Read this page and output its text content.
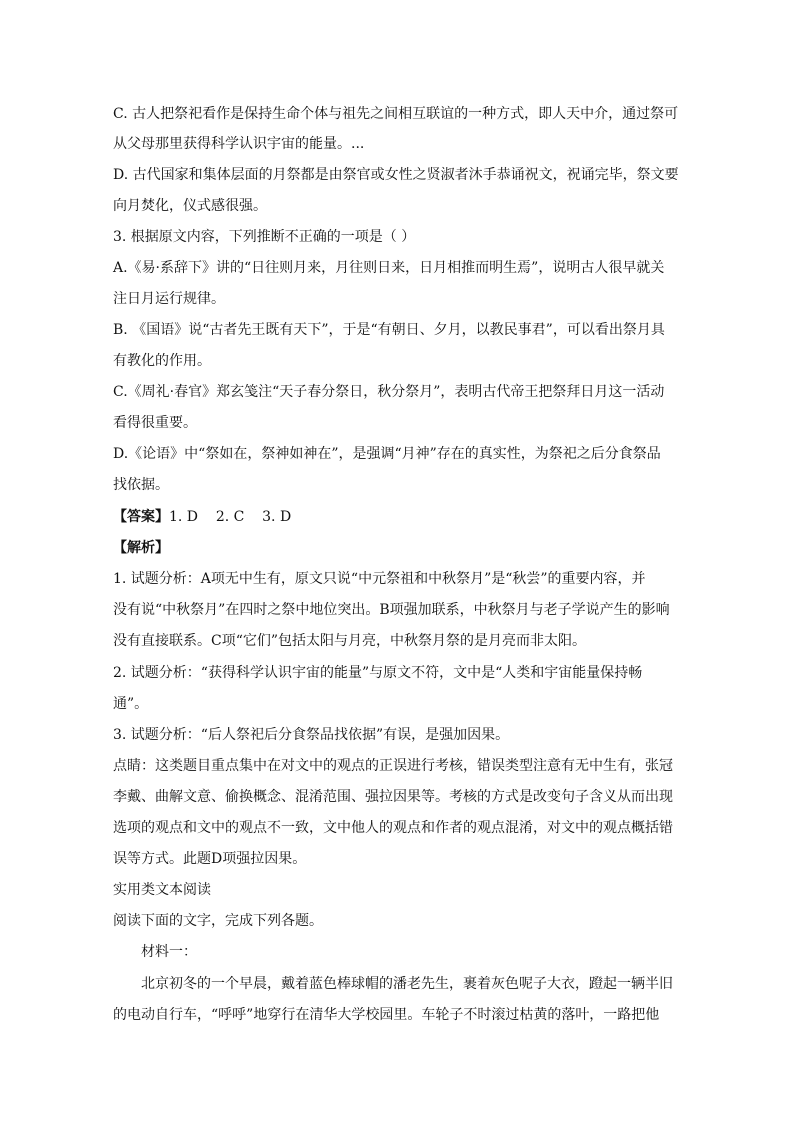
C. 古人把祭祀看作是保持生命个体与祖先之间相互联谊的一种方式，即人天中介，通过祭可
从父母那里获得科学认识宇宙的能量。...
D. 古代国家和集体层面的月祭都是由祭官或女性之贤淑者沐手恭诵祝文，祝诵完毕，祭文要
向月焚化，仪式感很强。
3. 根据原文内容，下列推断不正确的一项是（ ）
A.《易·系辞下》讲的“日往则月来，月往则日来，日月相推而明生焉”，说明古人很早就关
注日月运行规律。
B. 《国语》说“古者先王既有天下”，于是“有朝日、夕月，以教民事君”，可以看出祭月具
有教化的作用。
C.《周礼·春官》郑玄笺注“天子春分祭日，秋分祭月”，表明古代帝王把祭拜日月这一活动
看得很重要。
D.《论语》中“祭如在，祭神如神在”，是强调“月神”存在的真实性，为祭祀之后分食祭品
找依据。
【答案】1. D    2. C    3. D
【解析】
1. 试题分析：A项无中生有，原文只说“中元祭祖和中秋祭月”是“秋尝”的重要内容，并
没有说“中秋祭月”在四时之祭中地位突出。B项强加联系，中秋祭月与老子学说产生的影响
没有直接联系。C项“它们”包括太阳与月亮，中秋祭月祭的是月亮而非太阳。
2. 试题分析：“获得科学认识宇宙的能量”与原文不符，文中是“人类和宇宙能量保持畅
通”。
3. 试题分析：“后人祭祀后分食祭品找依据”有误，是强加因果。
点睛：这类题目重点集中在对文中的观点的正误进行考核，错误类型注意有无中生有，张冠
李戴、曲解文意、偷换概念、混淆范围、强拉因果等。考核的方式是改变句子含义从而出现
选项的观点和文中的观点不一致，文中他人的观点和作者的观点混淆，对文中的观点概括错
误等方式。此题D项强拉因果。
实用类文本阅读
阅读下面的文字，完成下列各题。
材料一：
北京初冬的一个早晨，戴着蓝色棒球帽的潘老先生，裹着灰色呢子大衣，蹬起一辆半旧
的电动自行车，“呼呼”地穿行在清华大学校园里。车轮子不时滚过枯黄的落叶，一路把他
